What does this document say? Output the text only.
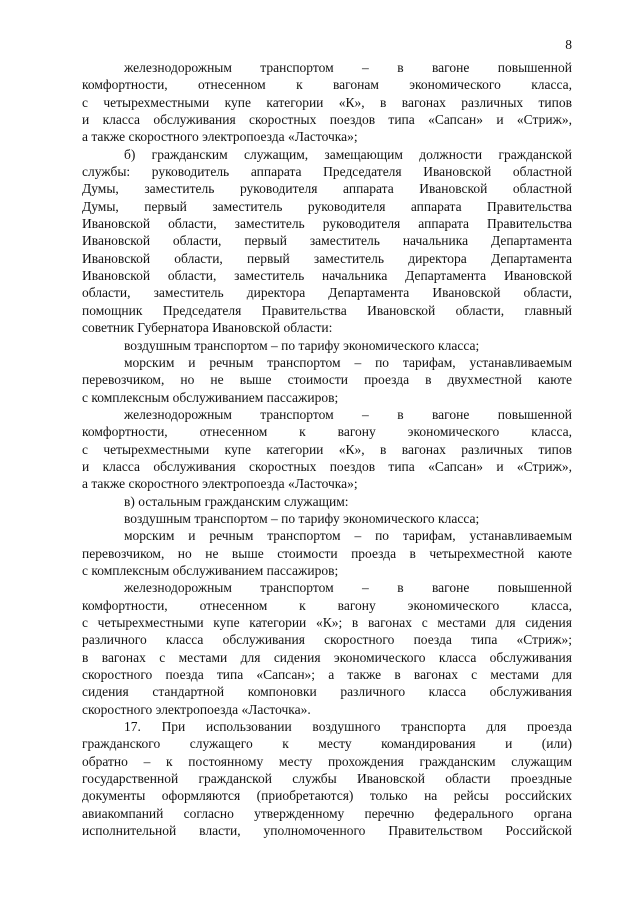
8
железнодорожным транспортом – в вагоне повышенной
комфортности, отнесенном к вагонам экономического класса,
с четырехместными купе категории «К», в вагонах различных типов
и класса обслуживания скоростных поездов типа «Сапсан» и «Стриж»,
а также скоростного электропоезда «Ласточка»;
б) гражданским служащим, замещающим должности гражданской
службы: руководитель аппарата Председателя Ивановской областной
Думы, заместитель руководителя аппарата Ивановской областной
Думы, первый заместитель руководителя аппарата Правительства
Ивановской области, заместитель руководителя аппарата Правительства
Ивановской области, первый заместитель начальника Департамента
Ивановской области, первый заместитель директора Департамента
Ивановской области, заместитель начальника Департамента Ивановской
области, заместитель директора Департамента Ивановской области,
помощник Председателя Правительства Ивановской области, главный
советник Губернатора Ивановской области:
воздушным транспортом – по тарифу экономического класса;
морским и речным транспортом – по тарифам, устанавливаемым
перевозчиком, но не выше стоимости проезда в двухместной каюте
с комплексным обслуживанием пассажиров;
железнодорожным транспортом – в вагоне повышенной
комфортности, отнесенном к вагону экономического класса,
с четырехместными купе категории «К», в вагонах различных типов
и класса обслуживания скоростных поездов типа «Сапсан» и «Стриж»,
а также скоростного электропоезда «Ласточка»;
в) остальным гражданским служащим:
воздушным транспортом – по тарифу экономического класса;
морским и речным транспортом – по тарифам, устанавливаемым
перевозчиком, но не выше стоимости проезда в четырехместной каюте
с комплексным обслуживанием пассажиров;
железнодорожным транспортом – в вагоне повышенной
комфортности, отнесенном к вагону экономического класса,
с четырехместными купе категории «К»; в вагонах с местами для сидения
различного класса обслуживания скоростного поезда типа «Стриж»;
в вагонах с местами для сидения экономического класса обслуживания
скоростного поезда типа «Сапсан»; а также в вагонах с местами для
сидения стандартной компоновки различного класса обслуживания
скоростного электропоезда «Ласточка».
17. При использовании воздушного транспорта для проезда
гражданского служащего к месту командирования и (или)
обратно – к постоянному месту прохождения гражданским служащим
государственной гражданской службы Ивановской области проездные
документы оформляются (приобретаются) только на рейсы российских
авиакомпаний согласно утвержденному перечню федерального органа
исполнительной власти, уполномоченного Правительством Российской
